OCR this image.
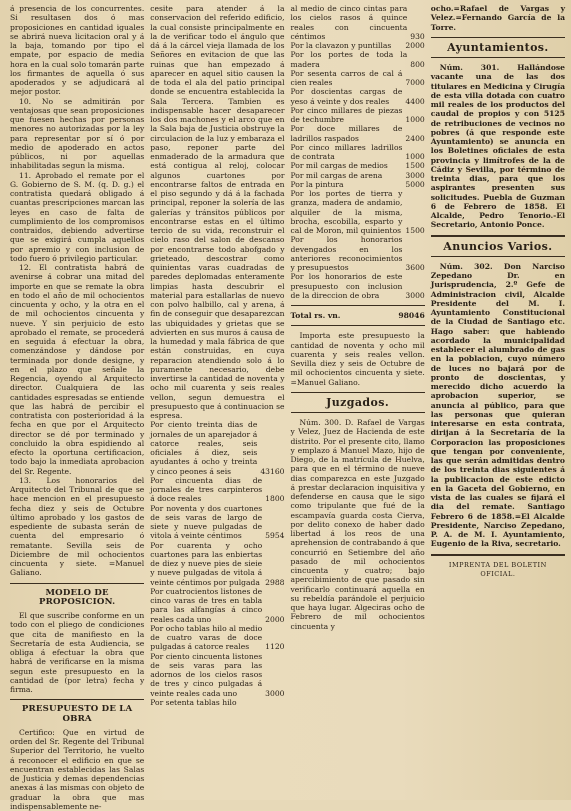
á presencia de los concurrentes. Si resultasen dos ó mas proposiciones en cantidad iguales se abrirá nueva licitacion oral y á la baja, tomando por tipo el empate, por espacio de media hora en la cual solo tomarán parte los firmantes de aquella ó sus apoderados y se adjudicará al mejor postor.

10. No se admitirán por ventajosas que sean proposiciones que fuesen hechas por personas menores no autorizadas por la ley para representar por sí ó por medio de apoderado en actos públicos, ni por aquellas inhabilitadas segun la misma.

11. Aprobado el remate por el G. Gobierno de S. M. (q. D. g.) el contratista quedará obligado á cuantas prescripciones marcan las leyes en caso de falta de cumplimiento de los compromisos contraidos, debiendo advertirse que se exigirá cumpla aquellos por apremio y con inclusion de todo fuero ó privilegio particular.

12. El contratista habrá de avenirse á cobrar una mitad del importe en que se remate la obra en todo el año de mil ochocientos cincuenta y ocho, y la otra en el de mil ochocientos cincuenta y nueve. Y sin perjuicio de esto aprobado el remate, se procederá en seguida á efectuar la obra, comenzándose y dándose por terminada por donde designe, y en el plazo que señale la Regencia, oyendo al Arquitecto director. Cualquiera de las cantidades espresadas se entiende que las habrá de percibir el contratista con posterioridad á la fecha en que por el Arquitecto director se dé por terminado y concluido la obra espidiendo al efecto la oportuna certificacion, todo bajo la inmediata aprobacion del Sr. Regente.

13. Los honorarios del Arquitecto del Tribunal de que se hace mencion en el presupuesto fecha diez y seis de Octubre último aprobado y los gastos de espediente de subasta serán de cuenta del empresario ó rematante. Sevilla seis de Diciembre de mil ochocientos cincuenta y siete. =Manuel Galiano.

MODELO DE PROPOSICION.

El que suscribe conforme en un todo con el pliego de condiciones que cita de manifiesto en la Secretaría de esta Audiencia, se obliga á efectuar la obra que habrá de verificarse en la misma segun este presupuesto en la cantidad de (por letra) fecha y firma.

PRESUPUESTO DE LA OBRA

Certifico: Que en virtud de orden del Sr. Regente del Tribunal Superior del Territorio, he vuelto á reconocer el edificio en que se encuentran establecidas las Salas de Justicia y demas dependencias anexas á las mismas con objeto de graduar la obra que mas indispensablemente ne-

cesite para atender á la conservacion del referido edificio, la cual consiste principalmente en la de verificar todo el ángulo que dá á la cárcel vieja llamada de los Señores en evitacion de que las ruinas que han empezado á aparecer en aquel sitio causen la de toda el ala del patio principal donde se encuentra establecida la Sala Tercera. Tambien es indispensable hacer desaparecer los dos machones y el arco que en la Sala baja de Justicia obstruye la circulacion de la luz y embaraza el paso, reponer parte del enmaderado de la armadura que está contigua al reloj, colocar algunos cuartones por encontrarse faltos de entrada en el piso segundo y dá á la fachada principal, reponer la solería de las galerías y tránsitos públicos por encontrarse estas en el último tercio de su vida, reconstruir el cielo raso del salon de descanso por encontrarse todo abofgado y grieteado, descostrar como quinientas varas cuadradas de paredes deplomadas enteramente limpias hasta descubrir el material para estallarlas de nuevo con polvo halbillo, cal y arena, á fin de conseguir que desaparezcan las ubiquidades y grietas que se advierten en sus muros á causa de la humedad y mala fábrica de que están construidas, en cuya reparacion atendiendo solo á lo puramente necesario, debe invertirse la cantidad de noventa y ocho mil cuarenta y seis reales vellon, segun demuestra el presupuesto que á continuacion se espresa.

Por ciento treinta dias de jornales de un aparejador á catorce reales, seis oficiales á diez, seis ayudantes á ocho y treinta y cinco peones á seis	43160
Por cincuenta dias de jornales de tres carpinteros á doce reales	1800
Por noventa y dos cuartones de seis varas de largo de siete y nueve pulgadas de vitola á veinte céntimos	5954
Por cuarenta y ocho cuartones para las enbiertas de diez y nueve pies de sieie y nueve pulgadas de vitola á veinte céntimos por pulgada 2988
Por cuatrocientos listones de cinco varas de tres en tabla para las alfangías á cinco reales cada uno	2000
Por ocho tablas hilo al medio de cuatro varas de doce pulgadas á catorce reales	1120
Por ciento cincuenta listones de seis varas para las adornos de los cielos rasos de tres y cinco pulgadas á veinte reales cada uno	3000
Por setenta tablas hilo
al medio de cinco cintas para los cielos rasos á quince reales con cincuenta céntimos	930
Por la clavazon y puntillas	2000
Por los portes de toda la madera	800
Por sesenta carros de cal á cien reales	7000
Por doscientas cargas de yeso á veinte y dos reales	4400
Por cinco millares de piezas de techumbre	1000
Por doce millares de ladrillos raspados	2400
Por cinco millares ladrillos de contrata	1000
Por mil cargas de medios	1500
Por mil cargas de arena	3000
Por la pintura	5000
Por los portes de tierra y granza, madera de andamio, alquiler de la misma, brocha, escobilla, esparto y cal de Moron, mil quinientos 1500
Por los honorarios devengados en los anteriores reconocimientos y presupuestos	3600
Por los honorarios de este presupuesto con inclusion de la direccion de obra	3000
Total rs. vn.	98046

Importa este presupuesto la cantidad de noventa y ocho mil cuarenta y seis reales vellon. Sevilla diez y seis de Octubre de mil ochocientos cincuenta y siete. =Manuel Galiano.

Juzgados.

Núm. 300. D. Rafael de Vargas y Velez, Juez de Hacienda de este distrito. Por el presente cito, llamo y emplazo á Manuel Mazo, hijo de Diego, de la matrícula de Huelva, para que en el término de nueve dias comparezca en este Juzgado á prestar declaracion inquisitiva y defenderse en causa que le sigo como tripulante que fué de la escampavía guarda costa Cierva, por delito conexo de haber dado libertad á los reos de una aprehension de contrabando á que concurrió en Setiembre del año pasado de mil ochocientos cincuenta y cuatro; bajo apercibimiento de que pasado sin verificarlo continuará aquella en su rebeldía parándole el perjuicio que haya lugar. Algeciras ocho de Febrero de mil ochocientos cincuenta y

ocho.=Rafael de Vargas y Velez.=Fernando García de la Torre.

Ayuntamientos.

Núm. 301. Hallándose vacante una de las dos titulares en Medicina y Cirugía de esta villa dotada con cuatro mil reales de los productos del caudal de propios y con 5125 de retribuciones de vecinos no pobres (á que responde este Ayuntamiento) se anuncia en los Boletines oficiales de esta provincia y limítrofes de la de Cádiz y Sevilla, por término de treinta dias, para que los aspirantes presenten sus solicitudes. Puebla de Guzman 6 de Febrero de 1858. El Alcalde, Pedro Tenorio.-El Secretario, Antonio Ponce.

Anuncios Varios.

Núm. 302. Don Narciso Zepedano Dr. en Jurisprudencia, 2.º Gefe de Administracion civil, Alcalde Presidente del M. I. Ayuntamiento Constitucional de la Ciudad de Santiago etc. Hago saber: que habiendo acordado la municipalidad establecer el alumbrado de gas en la poblacion, cuyo número de luces no bajará por de pronto de doscientas, y merecido dicho acuerdo la aprobacion superior, se anuncia al público, para que las personas que quieran interesarse en esta contrata, dirijan á la Secretaría de la Corporacion las proposiciones que tengan por conveniente, las que serán admitidas dentro de los treinta dias siguientes á la publicacion de este edicto en la Gaceta del Gobierno, en vista de las cuales se fijará el dia del remate. Santiago Febrero 6 de 1858.=El Alcalde Presidente, Narciso Zepedano, P. A. de M. I. Ayuntamiento, Eugenio de la Riva, secretario.

IMPRENTA DEL BOLETIN OFICIAL.
